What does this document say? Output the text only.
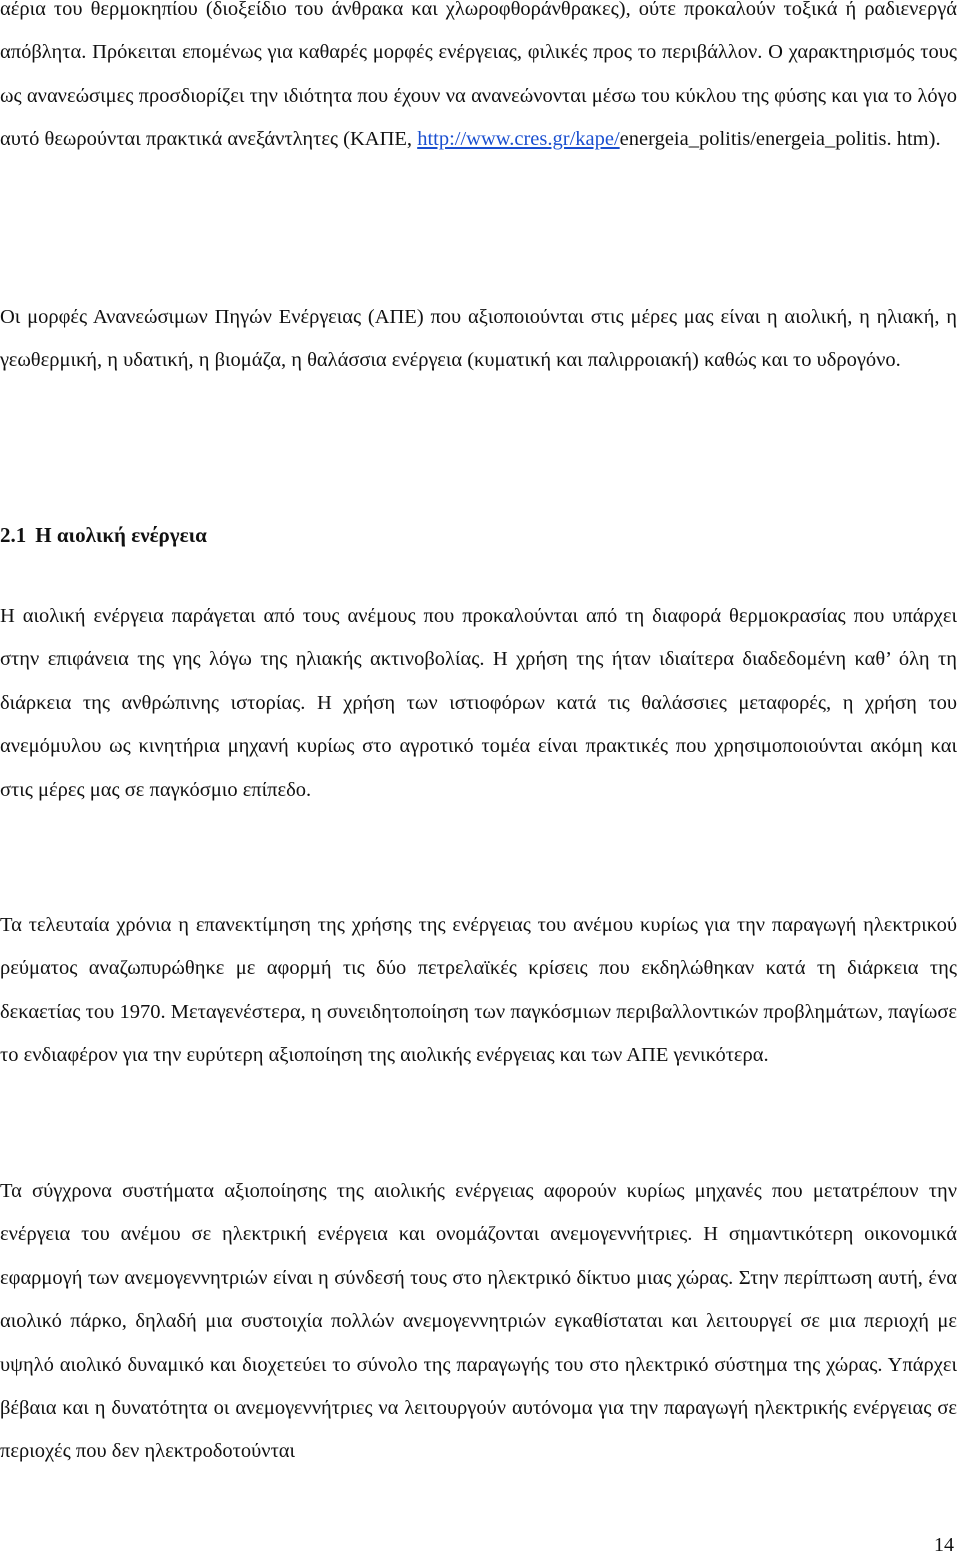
αέρια του θερμοκηπίου (διοξείδιο του άνθρακα και χλωροφθοράνθρακες), ούτε προκαλούν τοξικά ή ραδιενεργά απόβλητα. Πρόκειται επομένως για καθαρές μορφές ενέργειας, φιλικές προς το περιβάλλον. Ο χαρακτηρισμός τους ως ανανεώσιμες προσδιορίζει την ιδιότητα που έχουν να ανανεώνονται μέσω του κύκλου της φύσης και για το λόγο αυτό θεωρούνται πρακτικά ανεξάντλητες (ΚΑΠΕ, http://www.cres.gr/kape/energeia_politis/energeia_politis. htm).

Οι μορφές Ανανεώσιμων Πηγών Ενέργειας (ΑΠΕ) που αξιοποιούνται στις μέρες μας είναι η αιολική, η ηλιακή, η γεωθερμική, η υδατική, η βιομάζα, η θαλάσσια ενέργεια (κυματική και παλιρροιακή) καθώς και το υδρογόνο.

2.1 Η αιολική ενέργεια

Η αιολική ενέργεια παράγεται από τους ανέμους που προκαλούνται από τη διαφορά θερμοκρασίας που υπάρχει στην επιφάνεια της γης λόγω της ηλιακής ακτινοβολίας. Η χρήση της ήταν ιδιαίτερα διαδεδομένη καθ’ όλη τη διάρκεια της ανθρώπινης ιστορίας. Η χρήση των ιστιοφόρων κατά τις θαλάσσιες μεταφορές, η χρήση του ανεμόμυλου ως κινητήρια μηχανή κυρίως στο αγροτικό τομέα είναι πρακτικές που χρησιμοποιούνται ακόμη και στις μέρες μας σε παγκόσμιο επίπεδο.

Τα τελευταία χρόνια η επανεκτίμηση της χρήσης της ενέργειας του ανέμου κυρίως για την παραγωγή ηλεκτρικού ρεύματος αναζωπυρώθηκε με αφορμή τις δύο πετρελαϊκές κρίσεις που εκδηλώθηκαν κατά τη διάρκεια της δεκαετίας του 1970. Μεταγενέστερα, η συνειδητοποίηση των παγκόσμιων περιβαλλοντικών προβλημάτων, παγίωσε το ενδιαφέρον για την ευρύτερη αξιοποίηση της αιολικής ενέργειας και των ΑΠΕ γενικότερα.

Τα σύγχρονα συστήματα αξιοποίησης της αιολικής ενέργειας αφορούν κυρίως μηχανές που μετατρέπουν την ενέργεια του ανέμου σε ηλεκτρική ενέργεια και ονομάζονται ανεμογεννήτριες. Η σημαντικότερη οικονομικά εφαρμογή των ανεμογεννητριών είναι η σύνδεσή τους στο ηλεκτρικό δίκτυο μιας χώρας. Στην περίπτωση αυτή, ένα αιολικό πάρκο, δηλαδή μια συστοιχία πολλών ανεμογεννητριών εγκαθίσταται και λειτουργεί σε μια περιοχή με υψηλό αιολικό δυναμικό και διοχετεύει το σύνολο της παραγωγής του στο ηλεκτρικό σύστημα της χώρας. Υπάρχει βέβαια και η δυνατότητα οι ανεμογεννήτριες να λειτουργούν αυτόνομα για την παραγωγή ηλεκτρικής ενέργειας σε περιοχές που δεν ηλεκτροδοτούνται

14
